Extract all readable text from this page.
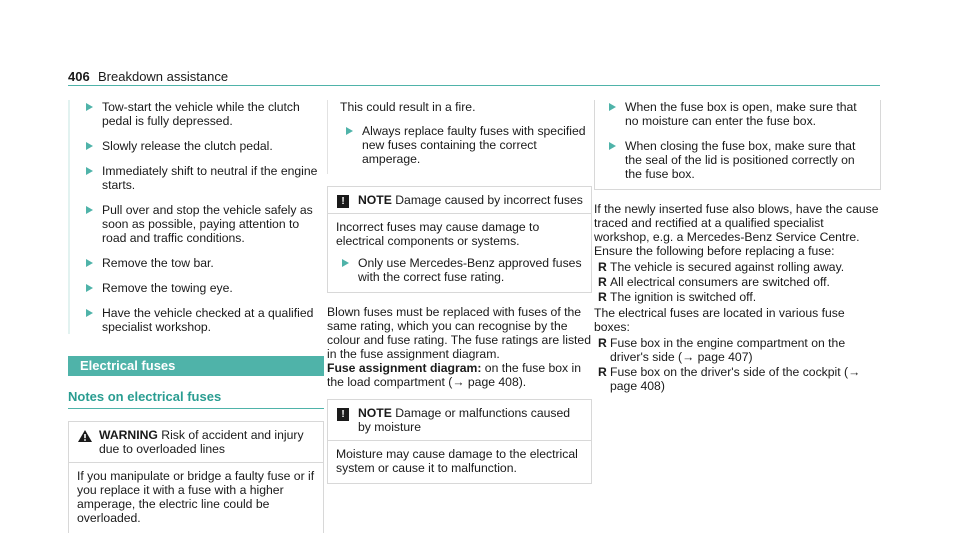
406 Breakdown assistance
Tow-start the vehicle while the clutch pedal is fully depressed.
Slowly release the clutch pedal.
Immediately shift to neutral if the engine starts.
Pull over and stop the vehicle safely as soon as possible, paying attention to road and traffic conditions.
Remove the tow bar.
Remove the towing eye.
Have the vehicle checked at a qualified specialist workshop.
Electrical fuses
Notes on electrical fuses
WARNING Risk of accident and injury due to overloaded lines
If you manipulate or bridge a faulty fuse or if you replace it with a fuse with a higher amperage, the electric line could be overloaded.
This could result in a fire.
Always replace faulty fuses with specified new fuses containing the correct amperage.
!	NOTE Damage caused by incorrect fuses
Incorrect fuses may cause damage to electrical components or systems.
Only use Mercedes-Benz approved fuses with the correct fuse rating.
Blown fuses must be replaced with fuses of the same rating, which you can recognise by the colour and fuse rating. The fuse ratings are listed in the fuse assignment diagram.
Fuse assignment diagram: on the fuse box in the load compartment (→ page 408).
!	NOTE Damage or malfunctions caused by moisture
Moisture may cause damage to the electrical system or cause it to malfunction.
When the fuse box is open, make sure that no moisture can enter the fuse box.
When closing the fuse box, make sure that the seal of the lid is positioned correctly on the fuse box.
If the newly inserted fuse also blows, have the cause traced and rectified at a qualified specialist workshop, e.g. a Mercedes-Benz Service Centre.
Ensure the following before replacing a fuse:
R The vehicle is secured against rolling away.
R All electrical consumers are switched off.
R The ignition is switched off.
The electrical fuses are located in various fuse boxes:
R Fuse box in the engine compartment on the driver's side (→ page 407)
R Fuse box on the driver's side of the cockpit (→ page 408)
